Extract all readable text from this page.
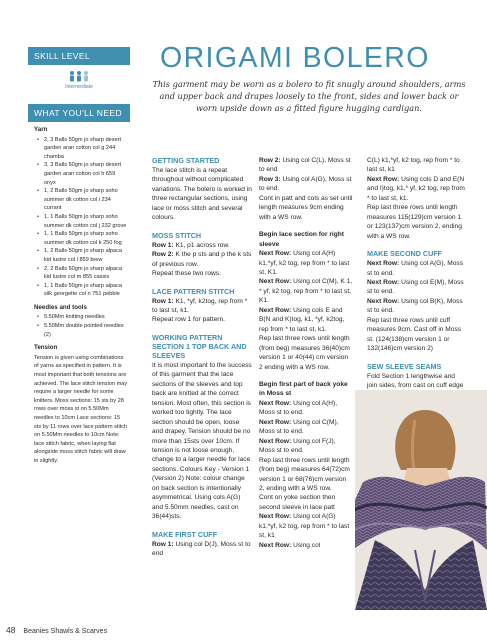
SKILL LEVEL
Intermediate
WHAT YOU'LL NEED
Yarn
• 2, 3 Balls 50gm jo sharp desert garden aran cotton col g 244 chamba
• 3, 3 Balls 50gm jo sharp desert garden aran cotton col h 659 onyx
• 1, 2 Balls 50gm jo sharp soho summer dk cotton col i 234 currant
• 1, 1 Balls 50gm jo sharp soho summer dk cotton col j 232 grove
• 1, 1 Balls 50gm jo sharp soho summer dk cotton col k 250 fog
• 1, 2 Balls 50gm jo sharp alpaca kid lustre col l 859 brew
• 2, 2 Balls 50gm jo sharp alpaca kid lustre col m 855 cassis
• 1, 1 Balls 50gm jo sharp alpaca silk georgette col n 751 pebble
Needles and tools
• 5.50Mm knitting needles
• 5.50Mm double pointed needles (2)
Tension
Tension is given using combinations of yarns as specified in pattern. It is most important that both tensions are achieved. The lace stitch tension may require a larger needle for some knitters. Moss sections: 15 sts by 28 rows over moss st on 5.50Mm needles to 10cm Lace sections: 15 sts by 11 rows over lace pattern stitch on 5.50Mm needles to 10cm Note: lace stitch fabric, when laying flat alongside moss stitch fabric will draw in slightly.
ORIGAMI BOLERO
This garment may be worn as a bolero to fit snugly around shoulders, arms and upper back and drapes loosely to the front, sides and lower back or worn upside down as a fitted figure hugging cardigan.
GETTING STARTED

The lace stitch is a repeat throughout without complicated variations. The bolero is worked in three rectangular sections, using lace or moss stitch and several colours.

MOSS STITCH

Row 1: K1, p1 across row.

Row 2: K the p sts and p the k sts of previous row.

Repeat these two rows.

LACE PATTERN STITCH

Row 1: K1, *yf, k2tog, rep from * to last st, k1.

Repeat row 1 for pattern.

WORKING PATTERN SECTION 1 TOP BACK AND SLEEVES

It is most important to the success of this garment that the lace sections of the sleeves and top back are knitted at the correct tension. Most often, this section is worked too tightly. The lace section should be open, loose and drapey. Tension should be no more than 15sts over 10cm. If tension is not loose enough, change to a larger needle for lace sections. Colours Key - Version 1 (Version 2) Note: colour change on back section is intentionally asymmetrical. Using cols A(G) and 5.50mm needles, cast on 36(44)sts.

MAKE FIRST CUFF

Row 1: Using col D(J), Moss st to end

Row 2: Using col C(L), Moss st to end

Row 3: Using col A(G), Moss st to end.

Cont in patt and cols as set until length measures 9cm ending with a WS row.

Begin lace section for right sleeve

Next Row: Using col A(H) k1,*yf, k2 tog, rep from * to last st, K1.

Next Row: Using col C(M), K 1, * yf, k2 tog, rep from * to last st, K1.

Next Row: Using cols E and B(N and K)tog, k1, *yf, k2tog, rep from * to last st, k1.

Rep last three rows until length (from beg) measures 36(40)cm version 1 or 40(44) cm version 2 ending with a WS row.

Begin first part of back yoke in Moss st

Next Row: Using col A(H), Moss st to end.

Next Row: Using col C(M), Moss st to end.

Next Row: Using col F(J), Moss st to end.

Rep last three rows until length (from beg) measures 64(72)cm version 1 or 68(76)cm version 2, ending with a WS row.

Cont on yoke section then second sleeve in lace patt

Next Row: Using col A(G) k1,*yf, k2 tog, rep from * to last st, k1

Next Row: Using col

C(L) k1,*yf, k2 tog, rep from * to last st, k1

Next Row: Using cols D and E(N and I)tog, k1,* yf, k2 tog, rep from * to last st, k1.

Rep last three rows until length measures 115(129)cm version 1 or 123(137)cm version 2, ending with a WS row.

MAKE SECOND CUFF

Next Row: Using col A(G), Moss st to end.

Next Row: Using col E(M), Moss st to end.

Next Row: Using col B(K), Moss st to end.

Rep last three rows until cuff measures 9cm. Cast off in Moss st. (124(138)cm version 1 or 132(146)cm version 2)

SEW SLEEVE SEAMS

Fold Section 1 lengthwise and join sides, from cast on cuff edge

48 Beanies Shawls & Scarves
